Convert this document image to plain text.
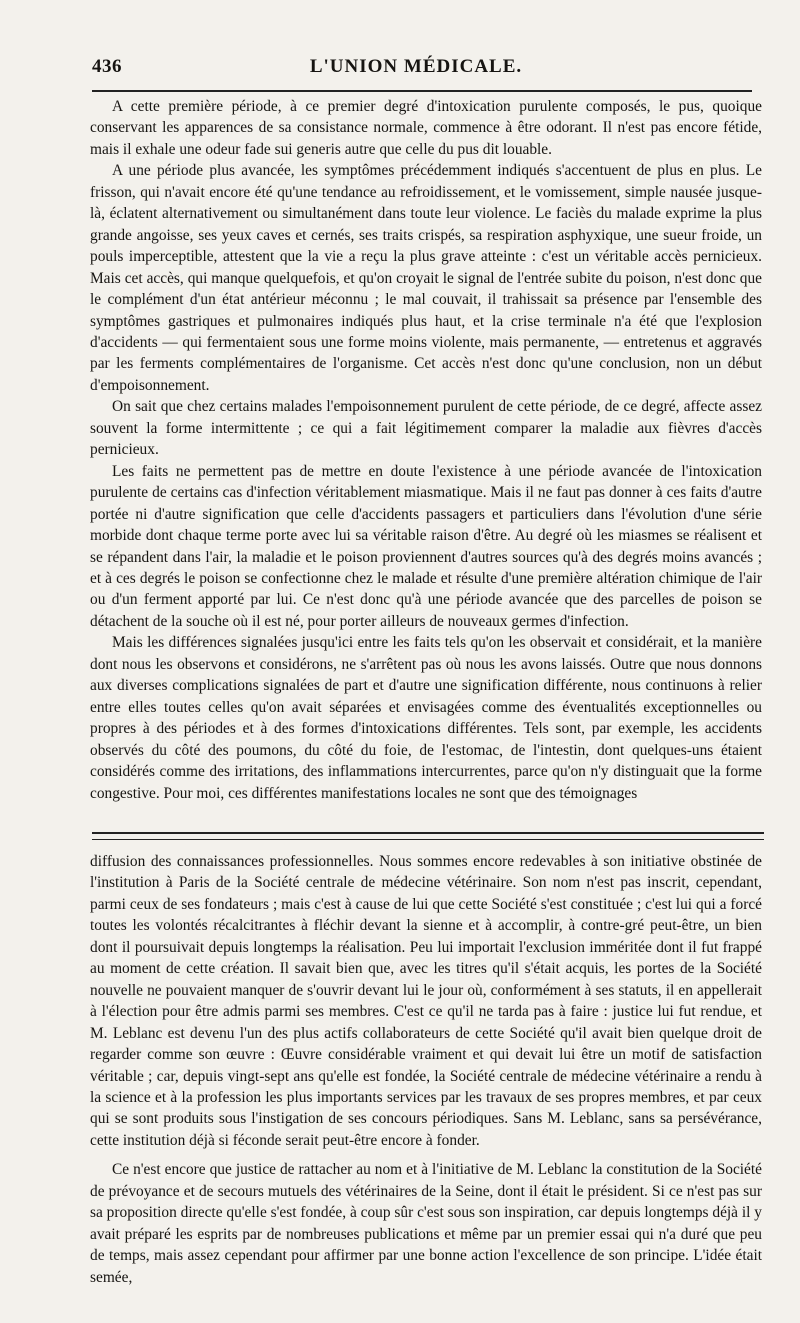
436	L'UNION MÉDICALE.

A cette première période, à ce premier degré d'intoxication purulente composés, le pus, quoique conservant les apparences de sa consistance normale, commence à être odorant. Il n'est pas encore fétide, mais il exhale une odeur fade sui generis autre que celle du pus dit louable.

A une période plus avancée, les symptômes précédemment indiqués s'accentuent de plus en plus. Le frisson, qui n'avait encore été qu'une tendance au refroidissement, et le vomissement, simple nausée jusque-là, éclatent alternativement ou simultanément dans toute leur violence. Le faciès du malade exprime la plus grande angoisse, ses yeux caves et cernés, ses traits crispés, sa respiration asphyxique, une sueur froide, un pouls imperceptible, attestent que la vie a reçu la plus grave atteinte : c'est un véritable accès pernicieux. Mais cet accès, qui manque quelquefois, et qu'on croyait le signal de l'entrée subite du poison, n'est donc que le complément d'un état antérieur méconnu ; le mal couvait, il trahissait sa présence par l'ensemble des symptômes gastriques et pulmonaires indiqués plus haut, et la crise terminale n'a été que l'explosion d'accidents — qui fermentaient sous une forme moins violente, mais permanente, — entretenus et aggravés par les ferments complémentaires de l'organisme. Cet accès n'est donc qu'une conclusion, non un début d'empoisonnement.

On sait que chez certains malades l'empoisonnement purulent de cette période, de ce degré, affecte assez souvent la forme intermittente ; ce qui a fait légitimement comparer la maladie aux fièvres d'accès pernicieux.

Les faits ne permettent pas de mettre en doute l'existence à une période avancée de l'intoxication purulente de certains cas d'infection véritablement miasmatique. Mais il ne faut pas donner à ces faits d'autre portée ni d'autre signification que celle d'accidents passagers et particuliers dans l'évolution d'une série morbide dont chaque terme porte avec lui sa véritable raison d'être. Au degré où les miasmes se réalisent et se répandent dans l'air, la maladie et le poison proviennent d'autres sources qu'à des degrés moins avancés ; et à ces degrés le poison se confectionne chez le malade et résulte d'une première altération chimique de l'air ou d'un ferment apporté par lui. Ce n'est donc qu'à une période avancée que des parcelles de poison se détachent de la souche où il est né, pour porter ailleurs de nouveaux germes d'infection.

Mais les différences signalées jusqu'ici entre les faits tels qu'on les observait et considérait, et la manière dont nous les observons et considérons, ne s'arrêtent pas où nous les avons laissés. Outre que nous donnons aux diverses complications signalées de part et d'autre une signification différente, nous continuons à relier entre elles toutes celles qu'on avait séparées et envisagées comme des éventualités exceptionnelles ou propres à des périodes et à des formes d'intoxications différentes. Tels sont, par exemple, les accidents observés du côté des poumons, du côté du foie, de l'estomac, de l'intestin, dont quelques-uns étaient considérés comme des irritations, des inflammations intercurrentes, parce qu'on n'y distinguait que la forme congestive. Pour moi, ces différentes manifestations locales ne sont que des témoignages

diffusion des connaissances professionnelles. Nous sommes encore redevables à son initiative obstinée de l'institution à Paris de la Société centrale de médecine vétérinaire. Son nom n'est pas inscrit, cependant, parmi ceux de ses fondateurs ; mais c'est à cause de lui que cette Société s'est constituée ; c'est lui qui a forcé toutes les volontés récalcitrantes à fléchir devant la sienne et à accomplir, à contre-gré peut-être, un bien dont il poursuivait depuis longtemps la réalisation. Peu lui importait l'exclusion imméritée dont il fut frappé au moment de cette création. Il savait bien que, avec les titres qu'il s'était acquis, les portes de la Société nouvelle ne pouvaient manquer de s'ouvrir devant lui le jour où, conformément à ses statuts, il en appellerait à l'élection pour être admis parmi ses membres. C'est ce qu'il ne tarda pas à faire : justice lui fut rendue, et M. Leblanc est devenu l'un des plus actifs collaborateurs de cette Société qu'il avait bien quelque droit de regarder comme son œuvre : Œuvre considérable vraiment et qui devait lui être un motif de satisfaction véritable ; car, depuis vingt-sept ans qu'elle est fondée, la Société centrale de médecine vétérinaire a rendu à la science et à la profession les plus importants services par les travaux de ses propres membres, et par ceux qui se sont produits sous l'instigation de ses concours périodiques. Sans M. Leblanc, sans sa persévérance, cette institution déjà si féconde serait peut-être encore à fonder.

Ce n'est encore que justice de rattacher au nom et à l'initiative de M. Leblanc la constitution de la Société de prévoyance et de secours mutuels des vétérinaires de la Seine, dont il était le président. Si ce n'est pas sur sa proposition directe qu'elle s'est fondée, à coup sûr c'est sous son inspiration, car depuis longtemps déjà il y avait préparé les esprits par de nombreuses publications et même par un premier essai qui n'a duré que peu de temps, mais assez cependant pour affirmer par une bonne action l'excellence de son principe. L'idée était semée,
